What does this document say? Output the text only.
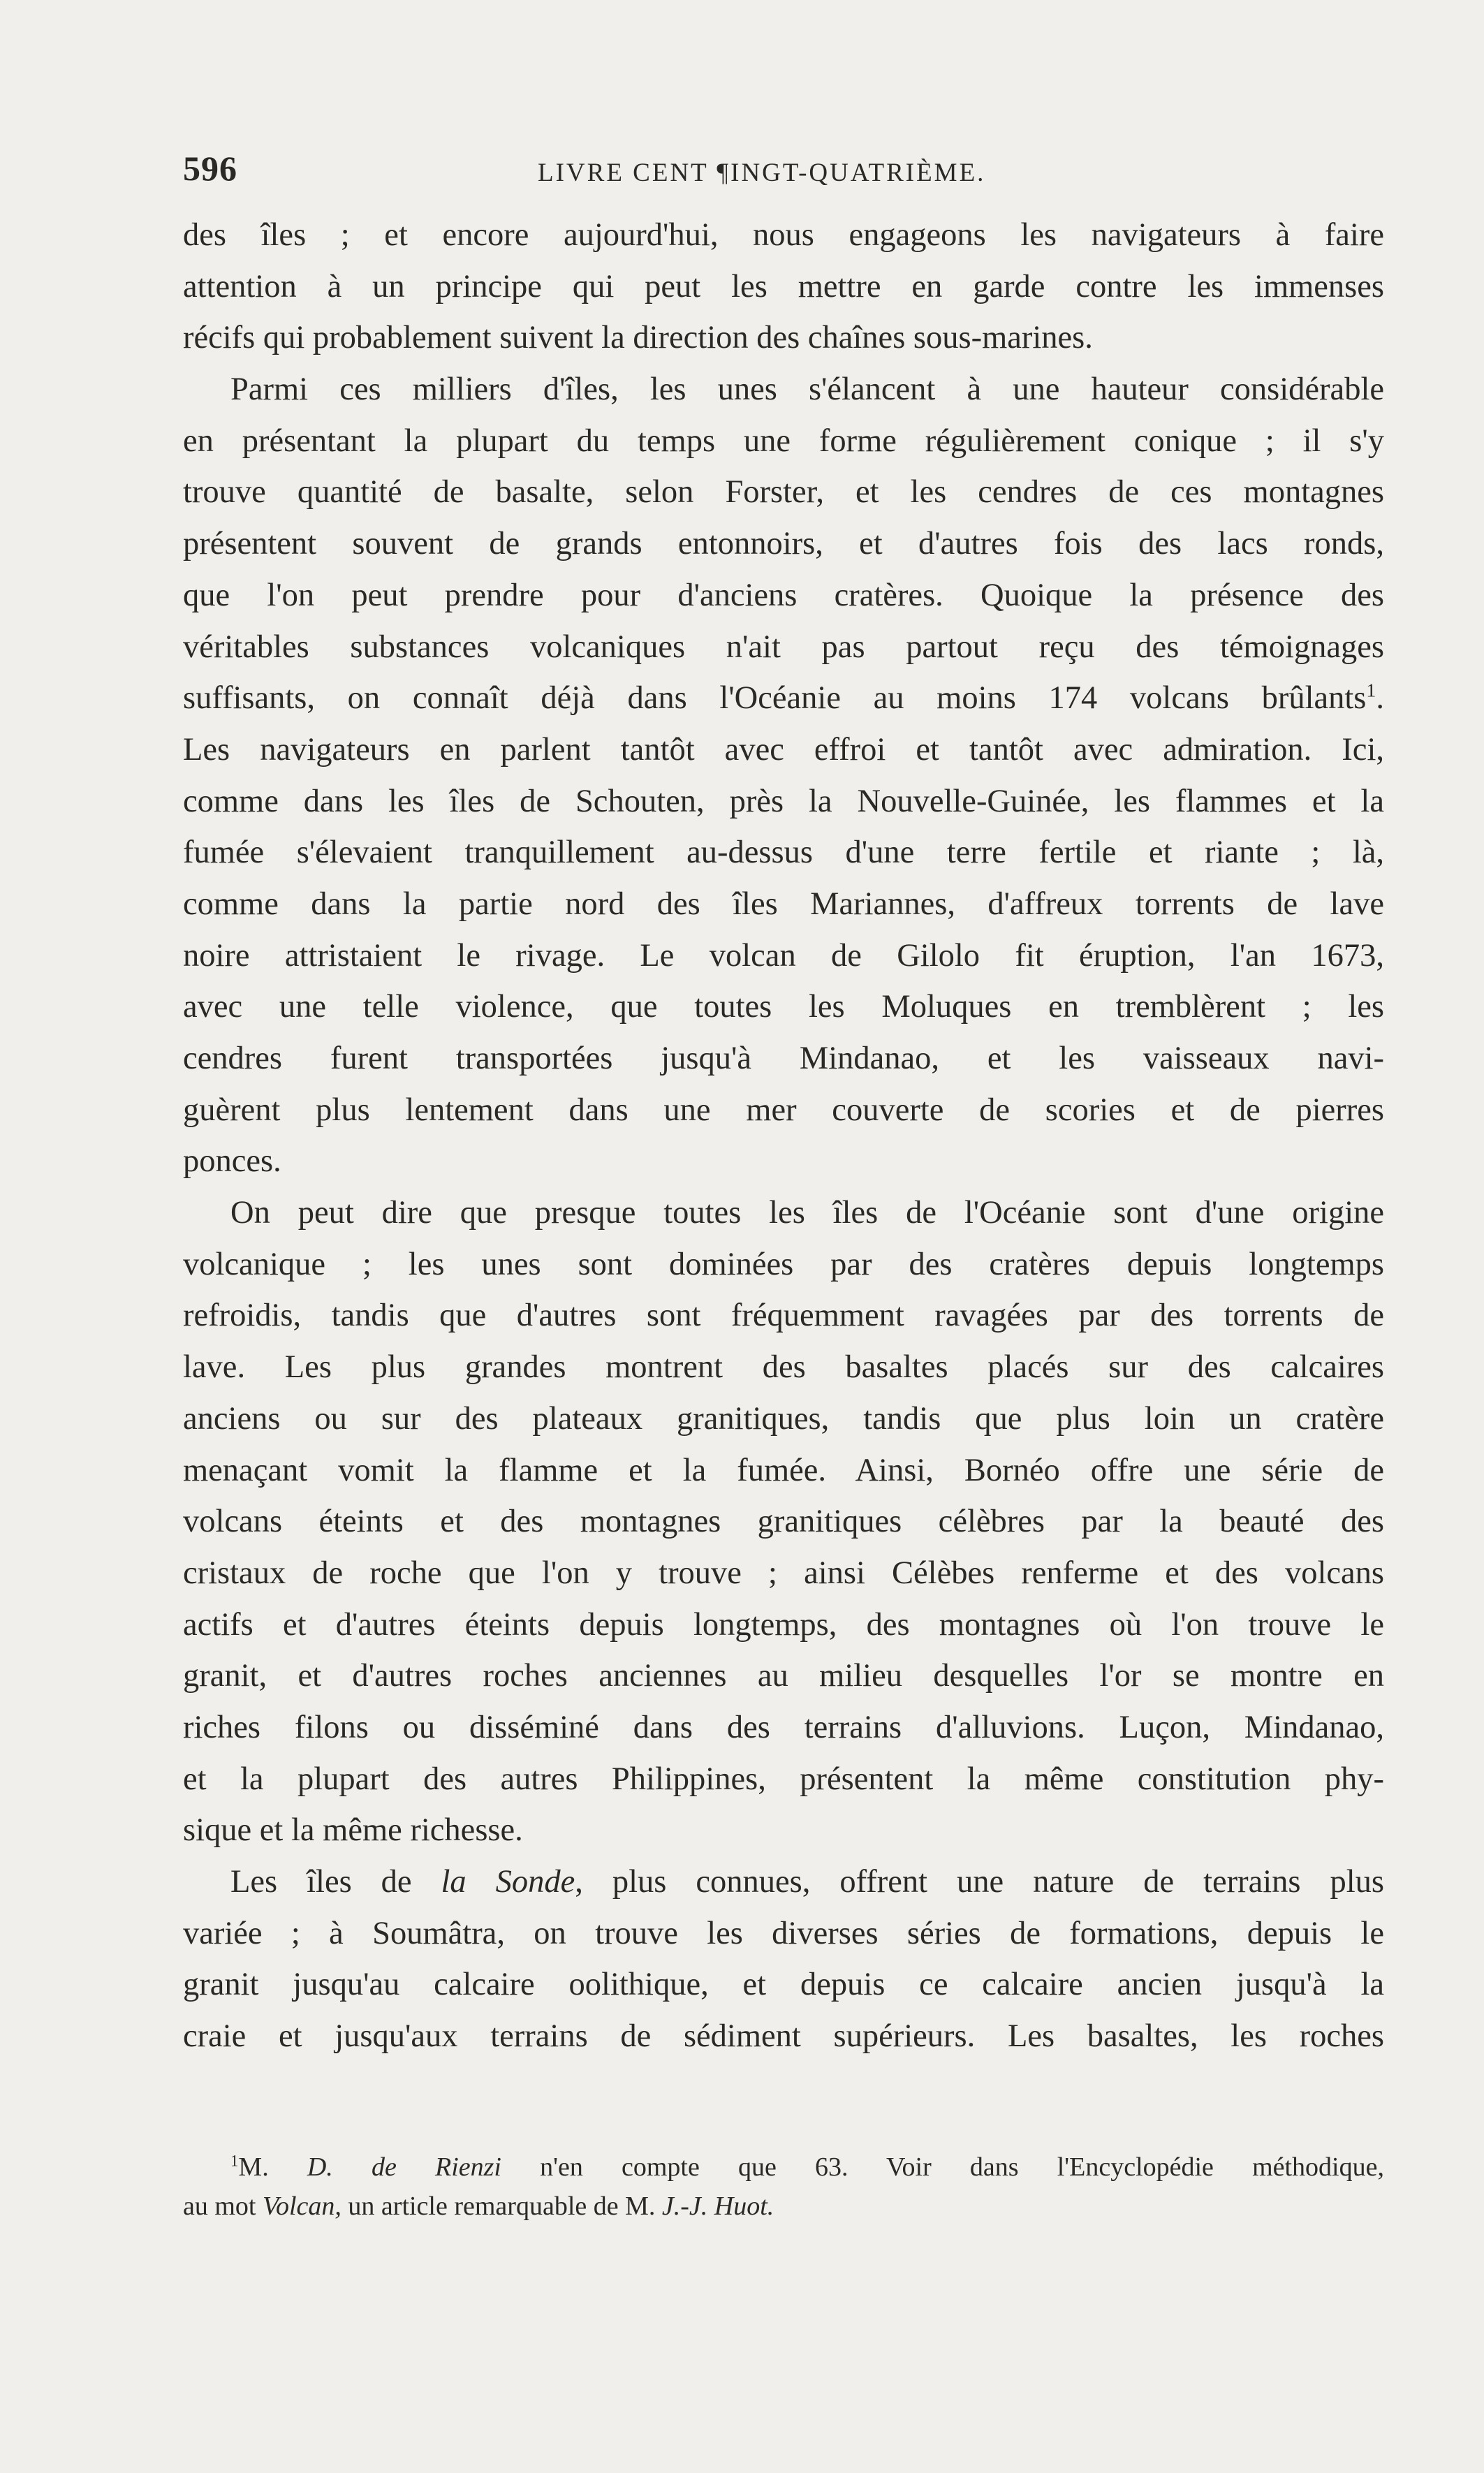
596	LIVRE CENT ¶INGT-QUATRIÈME.
des îles ; et encore aujourd'hui, nous engageons les navigateurs à faire
attention à un principe qui peut les mettre en garde contre les immenses
récifs qui probablement suivent la direction des chaînes sous-marines.
Parmi ces milliers d'îles, les unes s'élancent à une hauteur considérable
en présentant la plupart du temps une forme régulièrement conique ; il s'y
trouve quantité de basalte, selon Forster, et les cendres de ces montagnes
présentent souvent de grands entonnoirs, et d'autres fois des lacs ronds,
que l'on peut prendre pour d'anciens cratères. Quoique la présence des
véritables substances volcaniques n'ait pas partout reçu des témoignages
suffisants, on connaît déjà dans l'Océanie au moins 174 volcans brûlants$^1$.
Les navigateurs en parlent tantôt avec effroi et tantôt avec admiration. Ici,
comme dans les îles de Schouten, près la Nouvelle-Guinée, les flammes et la
fumée s'élevaient tranquillement au-dessus d'une terre fertile et riante ; là,
comme dans la partie nord des îles Mariannes, d'affreux torrents de lave
noire attristaient le rivage. Le volcan de Gilolo fit éruption, l'an 1673,
avec une telle violence, que toutes les Moluques en tremblèrent ; les
cendres furent transportées jusqu'à Mindanao, et les vaisseaux navi-
guèrent plus lentement dans une mer couverte de scories et de pierres
ponces.
On peut dire que presque toutes les îles de l'Océanie sont d'une origine
volcanique ; les unes sont dominées par des cratères depuis longtemps
refroidis, tandis que d'autres sont fréquemment ravagées par des torrents de
lave. Les plus grandes montrent des basaltes placés sur des calcaires
anciens ou sur des plateaux granitiques, tandis que plus loin un cratère
menaçant vomit la flamme et la fumée. Ainsi, Bornéo offre une série de
volcans éteints et des montagnes granitiques célèbres par la beauté des
cristaux de roche que l'on y trouve ; ainsi Célèbes renferme et des volcans
actifs et d'autres éteints depuis longtemps, des montagnes où l'on trouve le
granit, et d'autres roches anciennes au milieu desquelles l'or se montre en
riches filons ou disséminé dans des terrains d'alluvions. Luçon, Mindanao,
et la plupart des autres Philippines, présentent la même constitution phy-
sique et la même richesse.
Les îles de la Sonde, plus connues, offrent une nature de terrains plus
variée ; à Soumâtra, on trouve les diverses séries de formations, depuis le
granit jusqu'au calcaire oolithique, et depuis ce calcaire ancien jusqu'à la
craie et jusqu'aux terrains de sédiment supérieurs. Les basaltes, les roches
$^1$M. D. de Rienzi n'en compte que 63. Voir dans l'Encyclopédie méthodique,
au mot Volcan, un article remarquable de M. J.-J. Huot.
